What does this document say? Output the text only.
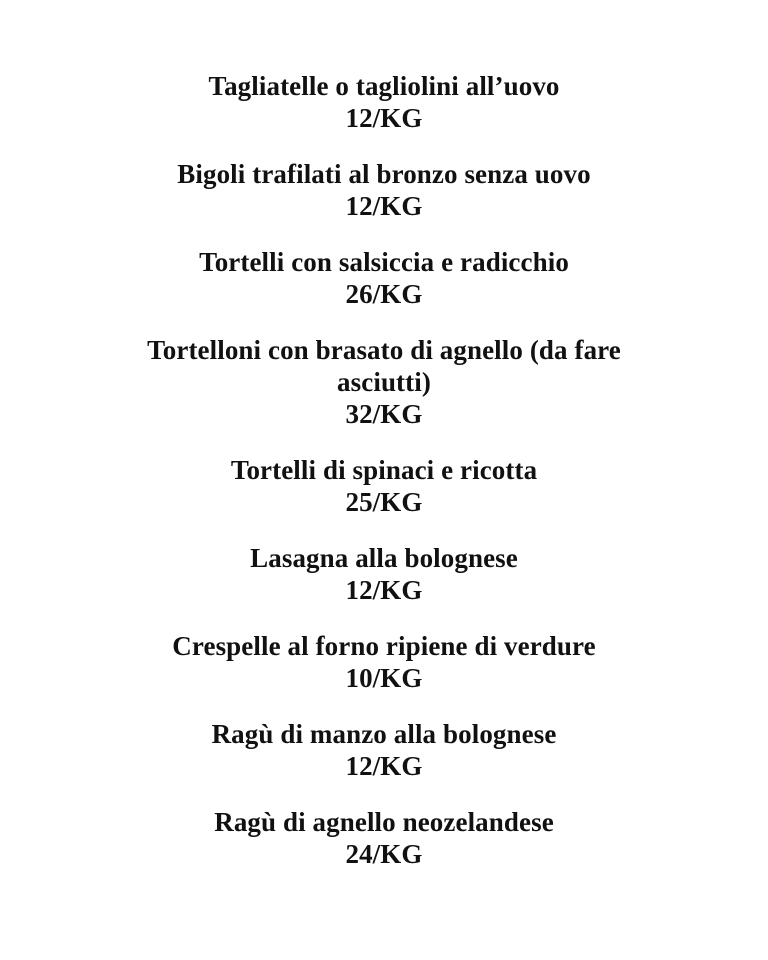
Tagliatelle o tagliolini all’uovo
12/KG
Bigoli trafilati al bronzo senza uovo
12/KG
Tortelli con salsiccia e radicchio
26/KG
Tortelloni con brasato di agnello (da fare asciutti)
32/KG
Tortelli di spinaci e ricotta
25/KG
Lasagna alla bolognese
12/KG
Crespelle al forno ripiene di verdure
10/KG
Ragù di manzo alla bolognese
12/KG
Ragù di agnello neozelandese
24/KG
